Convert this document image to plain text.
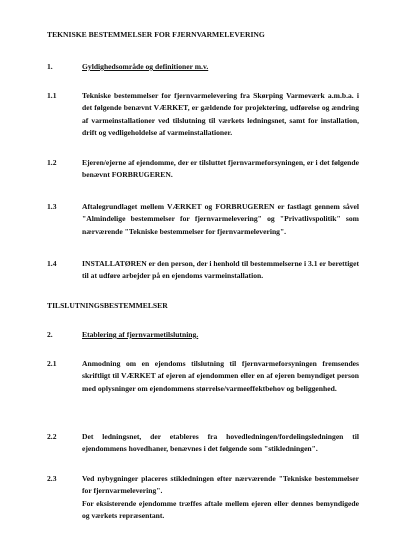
TEKNISKE BESTEMMELSER FOR FJERNVARMELEVERING
1.	Gyldighedsområde og definitioner m.v.
1.1	Tekniske bestemmelser for fjernvarmelevering fra Skørping Varmeværk a.m.b.a. i det følgende benævnt VÆRKET, er gældende for projektering, udførelse og ændring af varmeinstallationer ved tilslutning til værkets ledningsnet, samt for installation, drift og vedligeholdelse af varmeinstallationer.
1.2	Ejeren/ejerne af ejendomme, der er tilsluttet fjernvarmeforsyningen, er i det følgende benævnt FORBRUGEREN.
1.3	Aftalegrundlaget mellem VÆRKET og FORBRUGEREN er fastlagt gennem såvel "Almindelige bestemmelser for fjernvarmelevering" og "Privatlivspolitik" som nærværende "Tekniske bestemmelser for fjernvarmelevering".
1.4	INSTALLATØREN er den person, der i henhold til bestemmelserne i 3.1 er berettiget til at udføre arbejder på en ejendoms varmeinstallation.
TILSLUTNINGSBESTEMMELSER
2.	Etablering af fjernvarmetilslutning.
2.1	Anmodning om en ejendoms tilslutning til fjernvarmeforsyningen fremsendes skriftligt til VÆRKET af ejeren af ejendommen eller en af ejeren bemyndiget person med oplysninger om ejendommens størrelse/varmeeffektbehov og beliggenhed.
2.2	Det ledningsnet, der etableres fra hovedledningen/fordelingsledningen til ejendommens hovedhaner, benævnes i det følgende som "stikledningen".
2.3	Ved nybygninger placeres stikledningen efter nærværende "Tekniske bestemmelser for fjernvarmelevering".
For eksisterende ejendomme træffes aftale mellem ejeren eller dennes bemyndigede og værkets repræsentant.
